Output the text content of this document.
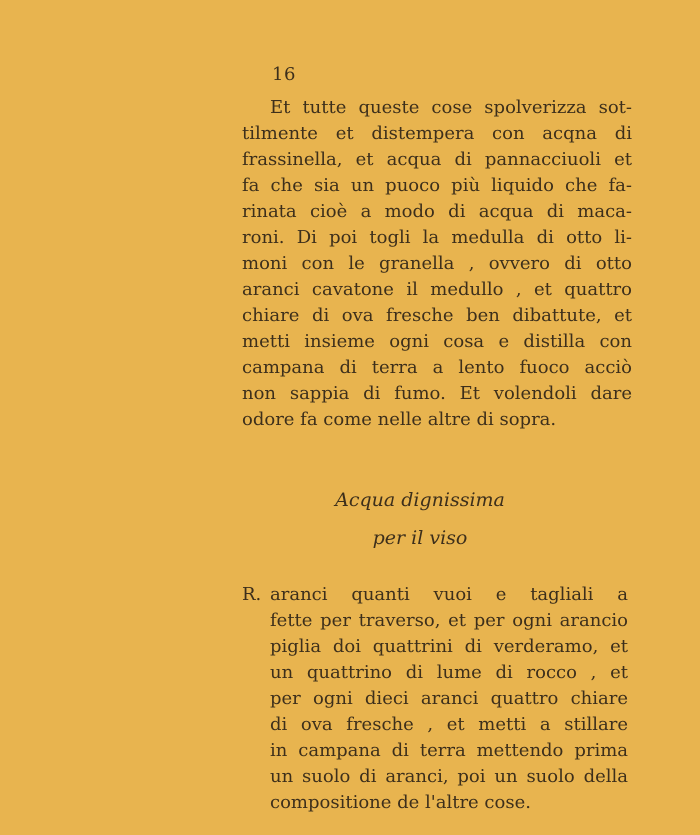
16
Et tutte queste cose spolverizza sot-
tilmente et distempera con acqna di
frassinella, et acqua di pannacciuoli et
fa che sia un puoco più liquido che fa-
rinata cioè a modo di acqua di maca-
roni. Di poi togli la medulla di otto li-
moni con le granella , ovvero di otto
aranci cavatone il medullo , et quattro
chiare di ova fresche ben dibattute, et
metti insieme ogni cosa e distilla con
campana di terra a lento fuoco acciò
non sappia di fumo. Et volendoli dare
odore fa come nelle altre di sopra.
Acqua dignissima
per il viso
R. aranci quanti vuoi e tagliali a
fette per traverso, et per ogni arancio
piglia doi quattrini di verderamo, et
un quattrino di lume di rocco , et
per ogni dieci aranci quattro chiare
di ova fresche , et metti a stillare
in campana di terra mettendo prima
un suolo di aranci, poi un suolo della
compositione de l'altre cose.
